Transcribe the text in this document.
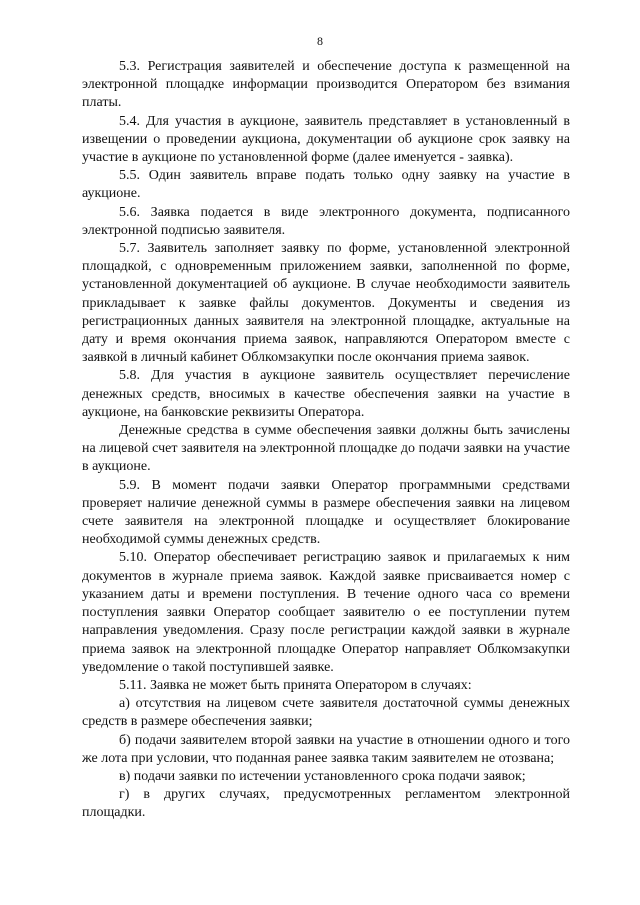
8

5.3. Регистрация заявителей и обеспечение доступа к размещенной на электронной площадке информации производится Оператором без взимания платы.

5.4. Для участия в аукционе, заявитель представляет в установленный в извещении о проведении аукциона, документации об аукционе срок заявку на участие в аукционе по установленной форме (далее именуется - заявка).

5.5. Один заявитель вправе подать только одну заявку на участие в аукционе.

5.6. Заявка подается в виде электронного документа, подписанного электронной подписью заявителя.

5.7. Заявитель заполняет заявку по форме, установленной электронной площадкой, с одновременным приложением заявки, заполненной по форме, установленной документацией об аукционе. В случае необходимости заявитель прикладывает к заявке файлы документов. Документы и сведения из регистрационных данных заявителя на электронной площадке, актуальные на дату и время окончания приема заявок, направляются Оператором вместе с заявкой в личный кабинет Облкомзакупки после окончания приема заявок.

5.8. Для участия в аукционе заявитель осуществляет перечисление денежных средств, вносимых в качестве обеспечения заявки на участие в аукционе, на банковские реквизиты Оператора.

Денежные средства в сумме обеспечения заявки должны быть зачислены на лицевой счет заявителя на электронной площадке до подачи заявки на участие в аукционе.

5.9. В момент подачи заявки Оператор программными средствами проверяет наличие денежной суммы в размере обеспечения заявки на лицевом счете заявителя на электронной площадке и осуществляет блокирование необходимой суммы денежных средств.

5.10. Оператор обеспечивает регистрацию заявок и прилагаемых к ним документов в журнале приема заявок. Каждой заявке присваивается номер с указанием даты и времени поступления. В течение одного часа со времени поступления заявки Оператор сообщает заявителю о ее поступлении путем направления уведомления. Сразу после регистрации каждой заявки в журнале приема заявок на электронной площадке Оператор направляет Облкомзакупки уведомление о такой поступившей заявке.

5.11. Заявка не может быть принята Оператором в случаях:

а) отсутствия на лицевом счете заявителя достаточной суммы денежных средств в размере обеспечения заявки;

б) подачи заявителем второй заявки на участие в отношении одного и того же лота при условии, что поданная ранее заявка таким заявителем не отозвана;

в) подачи заявки по истечении установленного срока подачи заявок;

г) в других случаях, предусмотренных регламентом электронной площадки.
